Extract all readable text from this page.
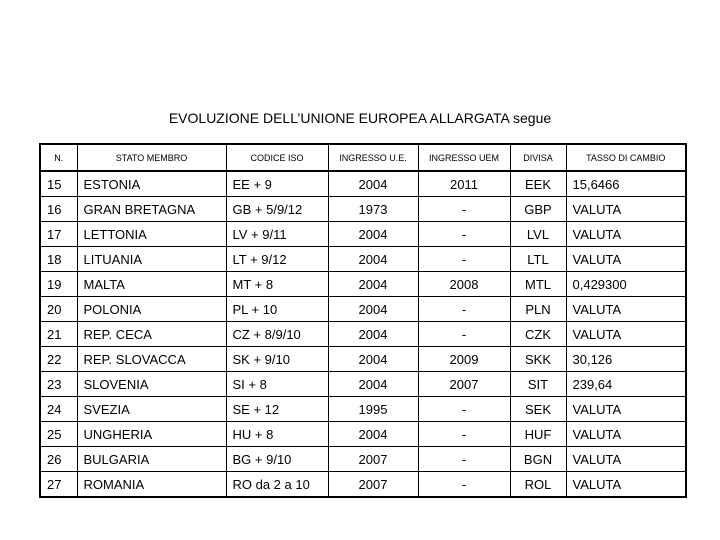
EVOLUZIONE DELL’UNIONE EUROPEA ALLARGATA segue
N.	STATO MEMBRO	CODICE ISO	INGRESSO U.E.	INGRESSO UEM	DIVISA	TASSO DI CAMBIO
15	ESTONIA	EE + 9	2004	2011	EEK	15,6466
16	GRAN BRETAGNA	GB + 5/9/12	1973	-	GBP	VALUTA
17	LETTONIA	LV + 9/11	2004	-	LVL	VALUTA
18	LITUANIA	LT + 9/12	2004	-	LTL	VALUTA
19	MALTA	MT + 8	2004	2008	MTL	0,429300
20	POLONIA	PL + 10	2004	-	PLN	VALUTA
21	REP. CECA	CZ + 8/9/10	2004	-	CZK	VALUTA
22	REP. SLOVACCA	SK + 9/10	2004	2009	SKK	30,126
23	SLOVENIA	SI + 8	2004	2007	SIT	239,64
24	SVEZIA	SE + 12	1995	-	SEK	VALUTA
25	UNGHERIA	HU + 8	2004	-	HUF	VALUTA
26	BULGARIA	BG + 9/10	2007	-	BGN	VALUTA
27	ROMANIA	RO da 2 a 10	2007	-	ROL	VALUTA
